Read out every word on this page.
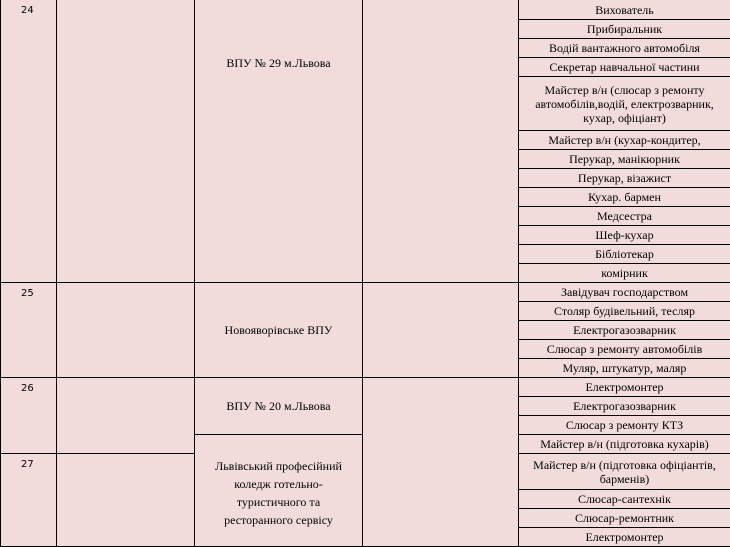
24		ВПУ № 29 м.Львова		Вихователь
				Прибиральник
				Водій вантажного автомобіля
				Секретар навчальної частини
				Майстер в/н (слюсар з ремонту автомобілів,водій, електрозварник, кухар, офіціант)
				Майстер в/н (кухар-кондитер,
				Перукар, манікюрник
				Перукар, візажист
				Кухар. бармен
				Медсестра
				Шеф-кухар
				Бібліотекар
				комірник
25		Новояворівське ВПУ		Завідувач господарством
				Столяр будівельний, тесляр
				Електрогазозварник
				Слюсар з ремонту автомобілів
				Муляр, штукатур, маляр
26		ВПУ № 20 м.Львова		Електромонтер
				Електрогазозварник
				Слюсар з ремонту КТЗ
		Львівський професійний коледж готельно-туристичного та ресторанного сервісу		Майстер в/н (підготовка кухарів)
27				Майстер в/н (підготовка офіціантів, барменів)
				Слюсар-сантехнік
				Слюсар-ремонтник
				Електромонтер
